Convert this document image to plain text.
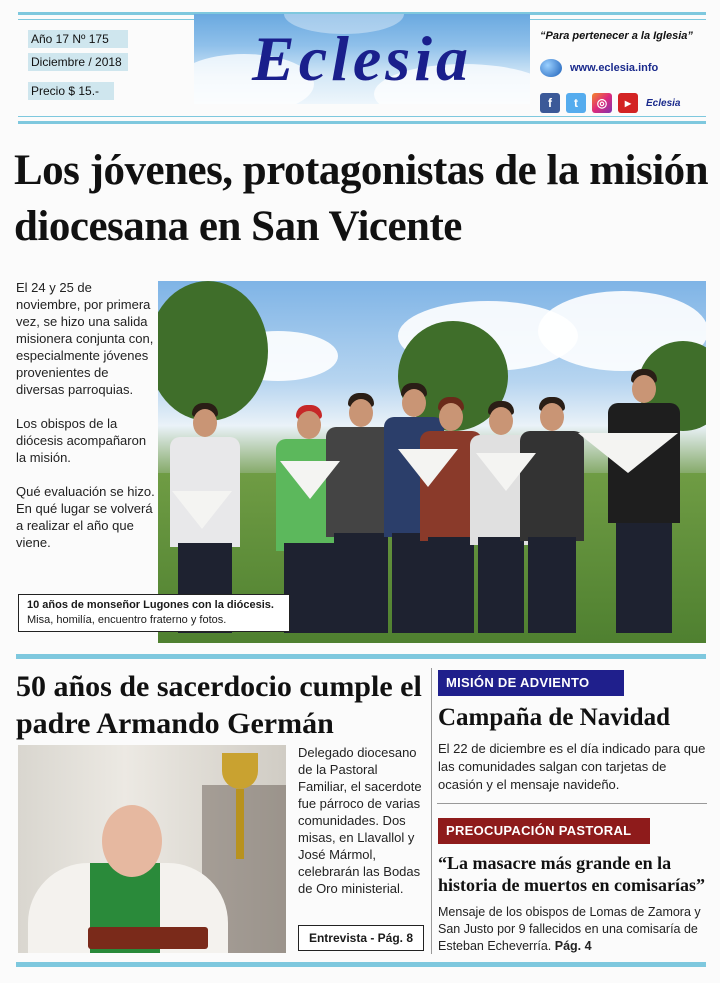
Año 17 Nº 175
Diciembre / 2018
Precio $ 15.-	Eclesia	“Para pertenecer a la Iglesia”
www.eclesia.info
f	t	◎	▶	Eclesia
Los jóvenes, protagonistas de la misión diocesana en San Vicente

El 24 y 25 de noviembre, por primera vez, se hizo una salida misionera conjunta con, especialmente jóvenes provenientes de diversas parroquias.

Los obispos de la diócesis acompañaron la misión.

Qué evaluación se hizo. En qué lugar se volverá a realizar el año que viene.

10 años de monseñor Lugones con la diócesis.
Misa, homilía, encuentro fraterno y fotos.
50 años de sacerdocio cumple el padre Armando Germán
Delegado diocesano de la Pastoral Familiar, el sacerdote fue párroco de varias comunidades. Dos misas, en Llavallol y José Mármol, celebrarán las Bodas de Oro ministerial.
Entrevista - Pág. 8
MISIÓN DE ADVIENTO
Campaña de Navidad
El 22 de diciembre es el día indicado para que las comunidades salgan con tarjetas de ocasión y el mensaje navideño.
PREOCUPACIÓN PASTORAL
“La masacre más grande en la historia de muertos en comisarías”
Mensaje de los obispos de Lomas de Zamora y San Justo por 9 fallecidos en una comisaría de Esteban Echeverría. Pág. 4
